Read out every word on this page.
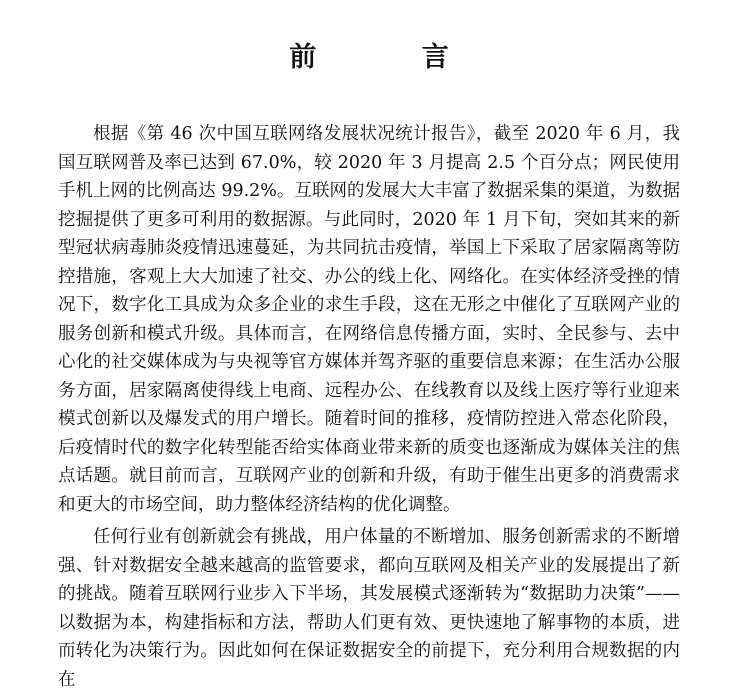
前 言

根据《第 46 次中国互联网络发展状况统计报告》，截至 2020 年 6 月，我国互联网普及率已达到 67.0%，较 2020 年 3 月提高 2.5 个百分点；网民使用手机上网的比例高达 99.2%。互联网的发展大大丰富了数据采集的渠道，为数据挖掘提供了更多可利用的数据源。与此同时，2020 年 1 月下旬，突如其来的新型冠状病毒肺炎疫情迅速蔓延，为共同抗击疫情，举国上下采取了居家隔离等防控措施，客观上大大加速了社交、办公的线上化、网络化。在实体经济受挫的情况下，数字化工具成为众多企业的求生手段，这在无形之中催化了互联网产业的服务创新和模式升级。具体而言，在网络信息传播方面，实时、全民参与、去中心化的社交媒体成为与央视等官方媒体并驾齐驱的重要信息来源；在生活办公服务方面，居家隔离使得线上电商、远程办公、在线教育以及线上医疗等行业迎来模式创新以及爆发式的用户增长。随着时间的推移，疫情防控进入常态化阶段，后疫情时代的数字化转型能否给实体商业带来新的质变也逐渐成为媒体关注的焦点话题。就目前而言，互联网产业的创新和升级，有助于催生出更多的消费需求和更大的市场空间，助力整体经济结构的优化调整。

任何行业有创新就会有挑战，用户体量的不断增加、服务创新需求的不断增强、针对数据安全越来越高的监管要求，都向互联网及相关产业的发展提出了新的挑战。随着互联网行业步入下半场，其发展模式逐渐转为“数据助力决策”——以数据为本，构建指标和方法，帮助人们更有效、更快速地了解事物的本质，进而转化为决策行为。因此如何在保证数据安全的前提下，充分利用合规数据的内在
